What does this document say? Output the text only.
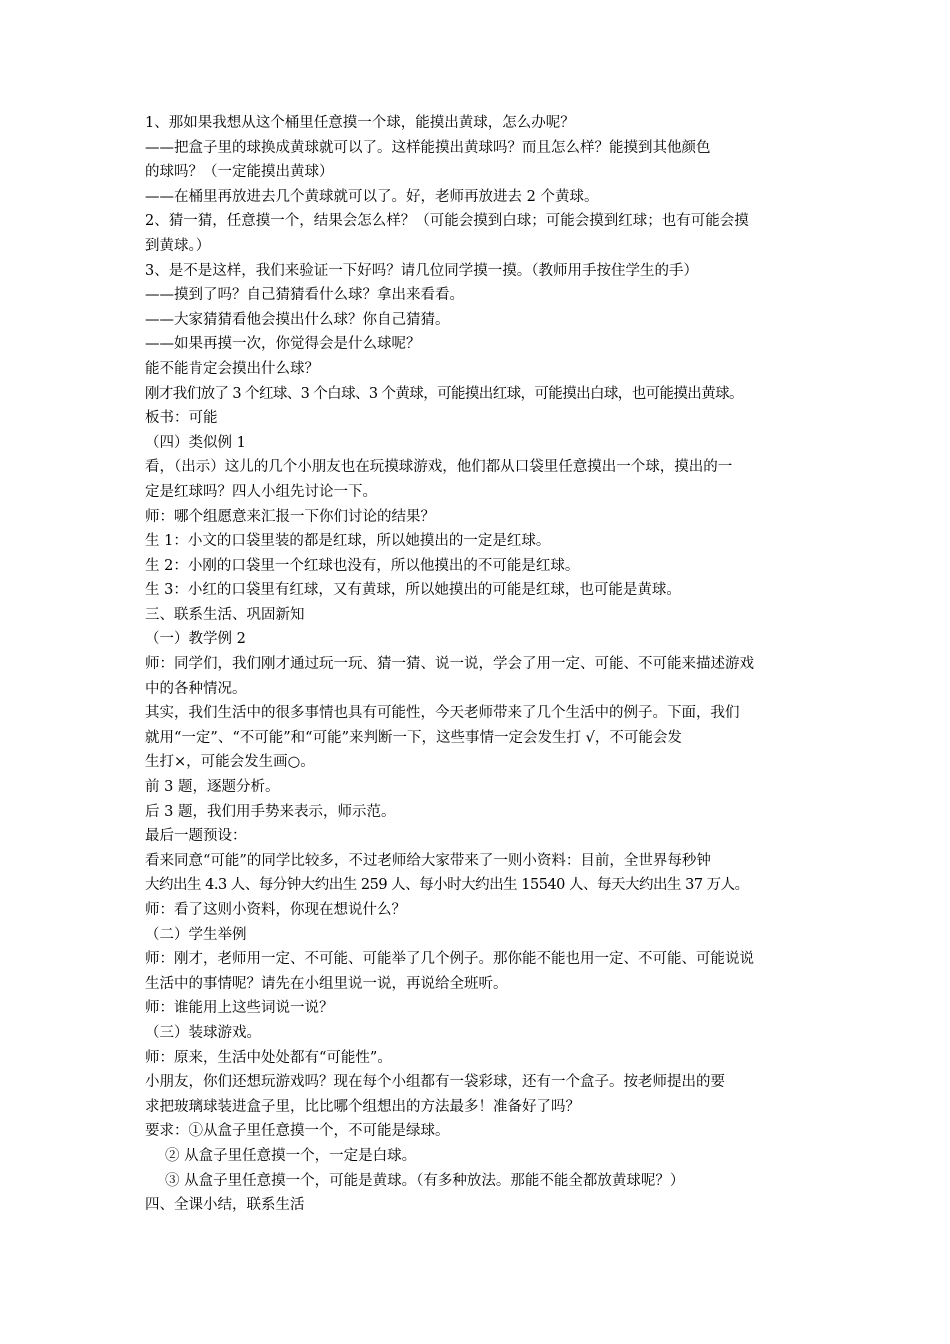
1、那如果我想从这个桶里任意摸一个球，能摸出黄球，怎么办呢？
——把盒子里的球换成黄球就可以了。这样能摸出黄球吗？而且怎么样？能摸到其他颜色
的球吗？（一定能摸出黄球）
——在桶里再放进去几个黄球就可以了。好，老师再放进去 2 个黄球。
2、猜一猜，任意摸一个，结果会怎么样？（可能会摸到白球；可能会摸到红球；也有可能会摸
到黄球。）
3、是不是这样，我们来验证一下好吗？请几位同学摸一摸。（教师用手按住学生的手）
——摸到了吗？自己猜猜看什么球？拿出来看看。
——大家猜猜看他会摸出什么球？你自己猜猜。
——如果再摸一次，你觉得会是什么球呢？
能不能肯定会摸出什么球？
刚才我们放了 3 个红球、3 个白球、3 个黄球，可能摸出红球，可能摸出白球，也可能摸出黄球。
板书：可能
（四）类似例 1
看，（出示）这儿的几个小朋友也在玩摸球游戏，他们都从口袋里任意摸出一个球，摸出的一
定是红球吗？四人小组先讨论一下。
师：哪个组愿意来汇报一下你们讨论的结果？
生 1：小文的口袋里装的都是红球，所以她摸出的一定是红球。
生 2：小刚的口袋里一个红球也没有，所以他摸出的不可能是红球。
生 3：小红的口袋里有红球，又有黄球，所以她摸出的可能是红球，也可能是黄球。
三、联系生活、巩固新知
（一）教学例 2
师：同学们，我们刚才通过玩一玩、猜一猜、说一说，学会了用一定、可能、不可能来描述游戏
中的各种情况。
其实，我们生活中的很多事情也具有可能性，今天老师带来了几个生活中的例子。下面，我们
就用“一定”、“不可能”和“可能”来判断一下，这些事情一定会发生打 √，不可能会发
生打×，可能会发生画○。
前 3 题，逐题分析。
后 3 题，我们用手势来表示，师示范。
最后一题预设：
看来同意“可能”的同学比较多，不过老师给大家带来了一则小资料：目前，全世界每秒钟
大约出生 4.3 人、每分钟大约出生 259 人、每小时大约出生 15540 人、每天大约出生 37 万人。
师：看了这则小资料，你现在想说什么？
（二）学生举例
师：刚才，老师用一定、不可能、可能举了几个例子。那你能不能也用一定、不可能、可能说说
生活中的事情呢？请先在小组里说一说，再说给全班听。
师：谁能用上这些词说一说？
（三）装球游戏。
师：原来，生活中处处都有“可能性”。
小朋友，你们还想玩游戏吗？现在每个小组都有一袋彩球，还有一个盒子。按老师提出的要
求把玻璃球装进盒子里，比比哪个组想出的方法最多！准备好了吗？
要求：①从盒子里任意摸一个，不可能是绿球。
② 从盒子里任意摸一个，一定是白球。
③ 从盒子里任意摸一个，可能是黄球。（有多种放法。那能不能全都放黄球呢？）
四、全课小结，联系生活
